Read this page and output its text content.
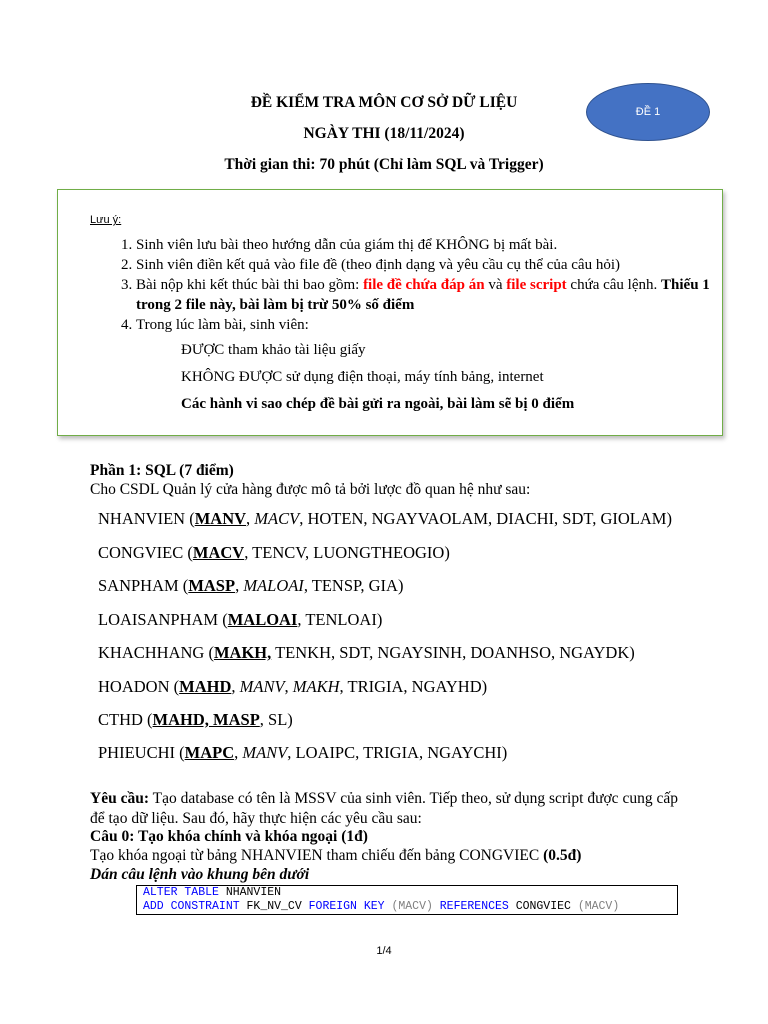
ĐỀ KIỂM TRA MÔN CƠ SỞ DỮ LIỆU
NGÀY THI (18/11/2024)
Thời gian thi: 70 phút (Chỉ làm SQL và Trigger)
ĐỀ 1
Lưu ý:
1. Sinh viên lưu bài theo hướng dẫn của giám thị để KHÔNG bị mất bài.
2. Sinh viên điền kết quả vào file đề (theo định dạng và yêu cầu cụ thể của câu hỏi)
3. Bài nộp khi kết thúc bài thi bao gồm: file đề chứa đáp án và file script chứa câu lệnh. Thiếu 1 trong 2 file này, bài làm bị trừ 50% số điểm
4. Trong lúc làm bài, sinh viên:
ĐƯỢC tham khảo tài liệu giấy
KHÔNG ĐƯỢC sử dụng điện thoại, máy tính bảng, internet
Các hành vi sao chép đề bài gửi ra ngoài, bài làm sẽ bị 0 điểm
Phần 1: SQL (7 điểm)
Cho CSDL Quản lý cửa hàng được mô tả bởi lược đồ quan hệ như sau:
NHANVIEN (MANV, MACV, HOTEN, NGAYVAOLAM, DIACHI, SDT, GIOLAM)
CONGVIEC (MACV, TENCV, LUONGTHEOGIO)
SANPHAM (MASP, MALOAI, TENSP, GIA)
LOAISANPHAM (MALOAI, TENLOAI)
KHACHHANG (MAKH, TENKH, SDT, NGAYSINH, DOANHSO, NGAYDK)
HOADON (MAHD, MANV, MAKH, TRIGIA, NGAYHD)
CTHD (MAHD, MASP, SL)
PHIEUCHI (MAPC, MANV, LOAIPC, TRIGIA, NGAYCHI)
Yêu cầu: Tạo database có tên là MSSV của sinh viên. Tiếp theo, sử dụng script được cung cấp để tạo dữ liệu. Sau đó, hãy thực hiện các yêu cầu sau:
Câu 0: Tạo khóa chính và khóa ngoại (1đ)
Tạo khóa ngoại từ bảng NHANVIEN tham chiếu đến bảng CONGVIEC (0.5đ)
Dán câu lệnh vào khung bên dưới
ALTER TABLE NHANVIEN
ADD CONSTRAINT FK_NV_CV FOREIGN KEY (MACV) REFERENCES CONGVIEC (MACV)
1/4
